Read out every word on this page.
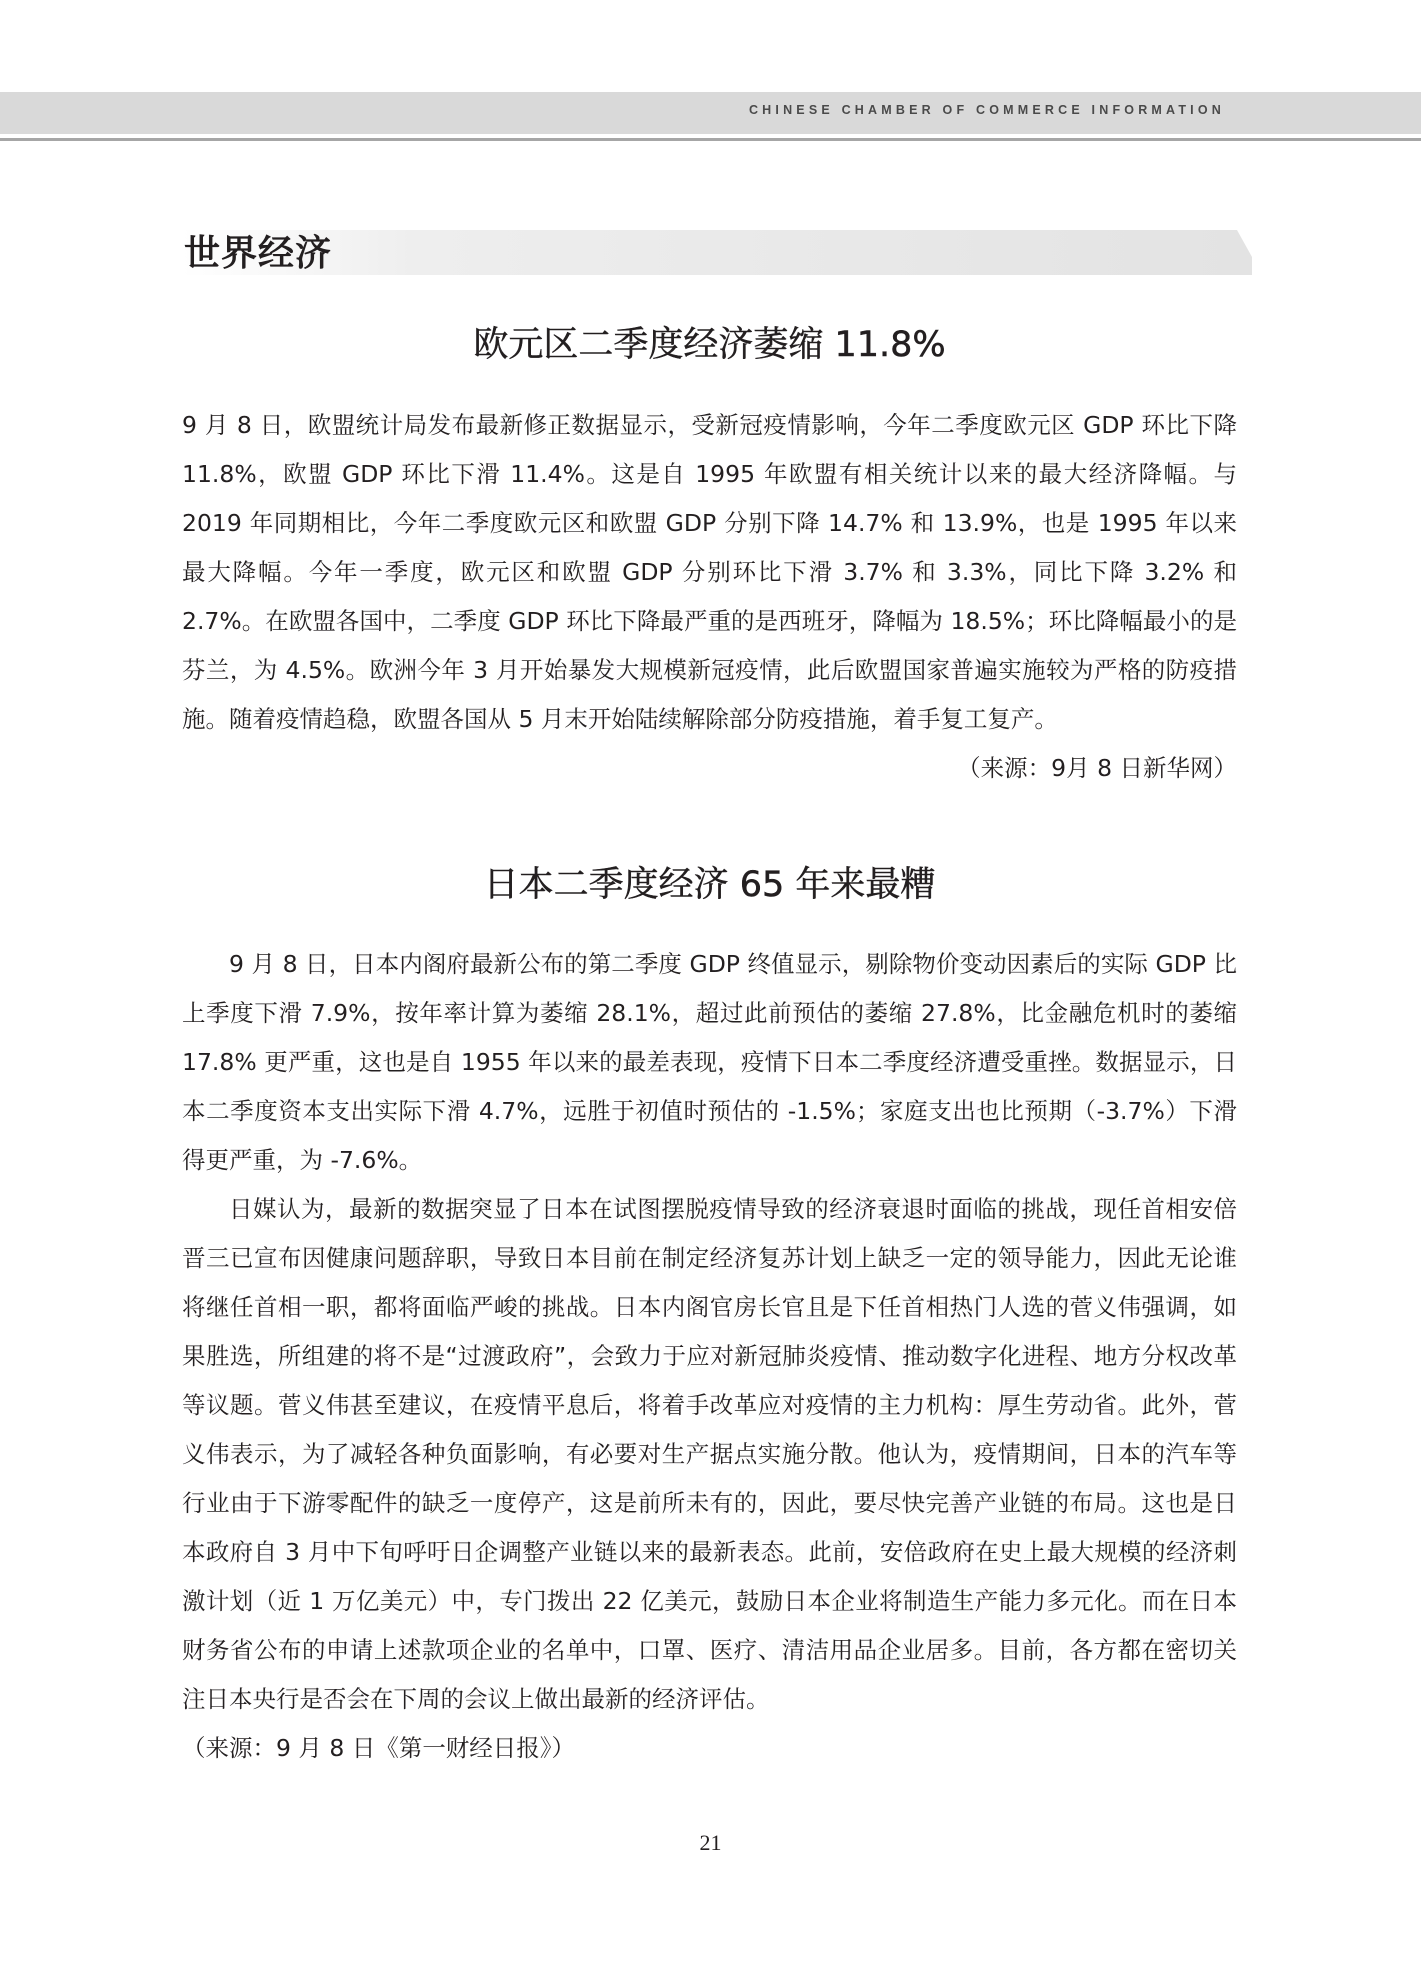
CHINESE CHAMBER OF COMMERCE INFORMATION
世界经济
欧元区二季度经济萎缩 11.8%

9 月 8 日，欧盟统计局发布最新修正数据显示，受新冠疫情影响，今年二季度欧元区 GDP 环比下降 11.8%，欧盟 GDP 环比下滑 11.4%。这是自 1995 年欧盟有相关统计以来的最大经济降幅。与 2019 年同期相比，今年二季度欧元区和欧盟 GDP 分别下降 14.7% 和 13.9%，也是 1995 年以来最大降幅。今年一季度，欧元区和欧盟 GDP 分别环比下滑 3.7% 和 3.3%，同比下降 3.2% 和 2.7%。在欧盟各国中，二季度 GDP 环比下降最严重的是西班牙，降幅为 18.5%；环比降幅最小的是芬兰，为 4.5%。欧洲今年 3 月开始暴发大规模新冠疫情，此后欧盟国家普遍实施较为严格的防疫措施。随着疫情趋稳，欧盟各国从 5 月末开始陆续解除部分防疫措施，着手复工复产。

（来源：9月 8 日新华网）
日本二季度经济 65 年来最糟

9 月 8 日，日本内阁府最新公布的第二季度 GDP 终值显示，剔除物价变动因素后的实际 GDP 比上季度下滑 7.9%，按年率计算为萎缩 28.1%，超过此前预估的萎缩 27.8%，比金融危机时的萎缩 17.8% 更严重，这也是自 1955 年以来的最差表现，疫情下日本二季度经济遭受重挫。数据显示，日本二季度资本支出实际下滑 4.7%，远胜于初值时预估的 -1.5%；家庭支出也比预期（-3.7%）下滑得更严重，为 -7.6%。

日媒认为，最新的数据突显了日本在试图摆脱疫情导致的经济衰退时面临的挑战，现任首相安倍晋三已宣布因健康问题辞职，导致日本目前在制定经济复苏计划上缺乏一定的领导能力，因此无论谁将继任首相一职，都将面临严峻的挑战。日本内阁官房长官且是下任首相热门人选的菅义伟强调，如果胜选，所组建的将不是“过渡政府”，会致力于应对新冠肺炎疫情、推动数字化进程、地方分权改革等议题。菅义伟甚至建议，在疫情平息后，将着手改革应对疫情的主力机构：厚生劳动省。此外，菅义伟表示，为了减轻各种负面影响，有必要对生产据点实施分散。他认为，疫情期间，日本的汽车等行业由于下游零配件的缺乏一度停产，这是前所未有的，因此，要尽快完善产业链的布局。这也是日本政府自 3 月中下旬呼吁日企调整产业链以来的最新表态。此前，安倍政府在史上最大规模的经济刺激计划（近 1 万亿美元）中，专门拨出 22 亿美元，鼓励日本企业将制造生产能力多元化。而在日本财务省公布的申请上述款项企业的名单中，口罩、医疗、清洁用品企业居多。目前，各方都在密切关注日本央行是否会在下周的会议上做出最新的经济评估。

（来源：9 月 8 日《第一财经日报》）
21
